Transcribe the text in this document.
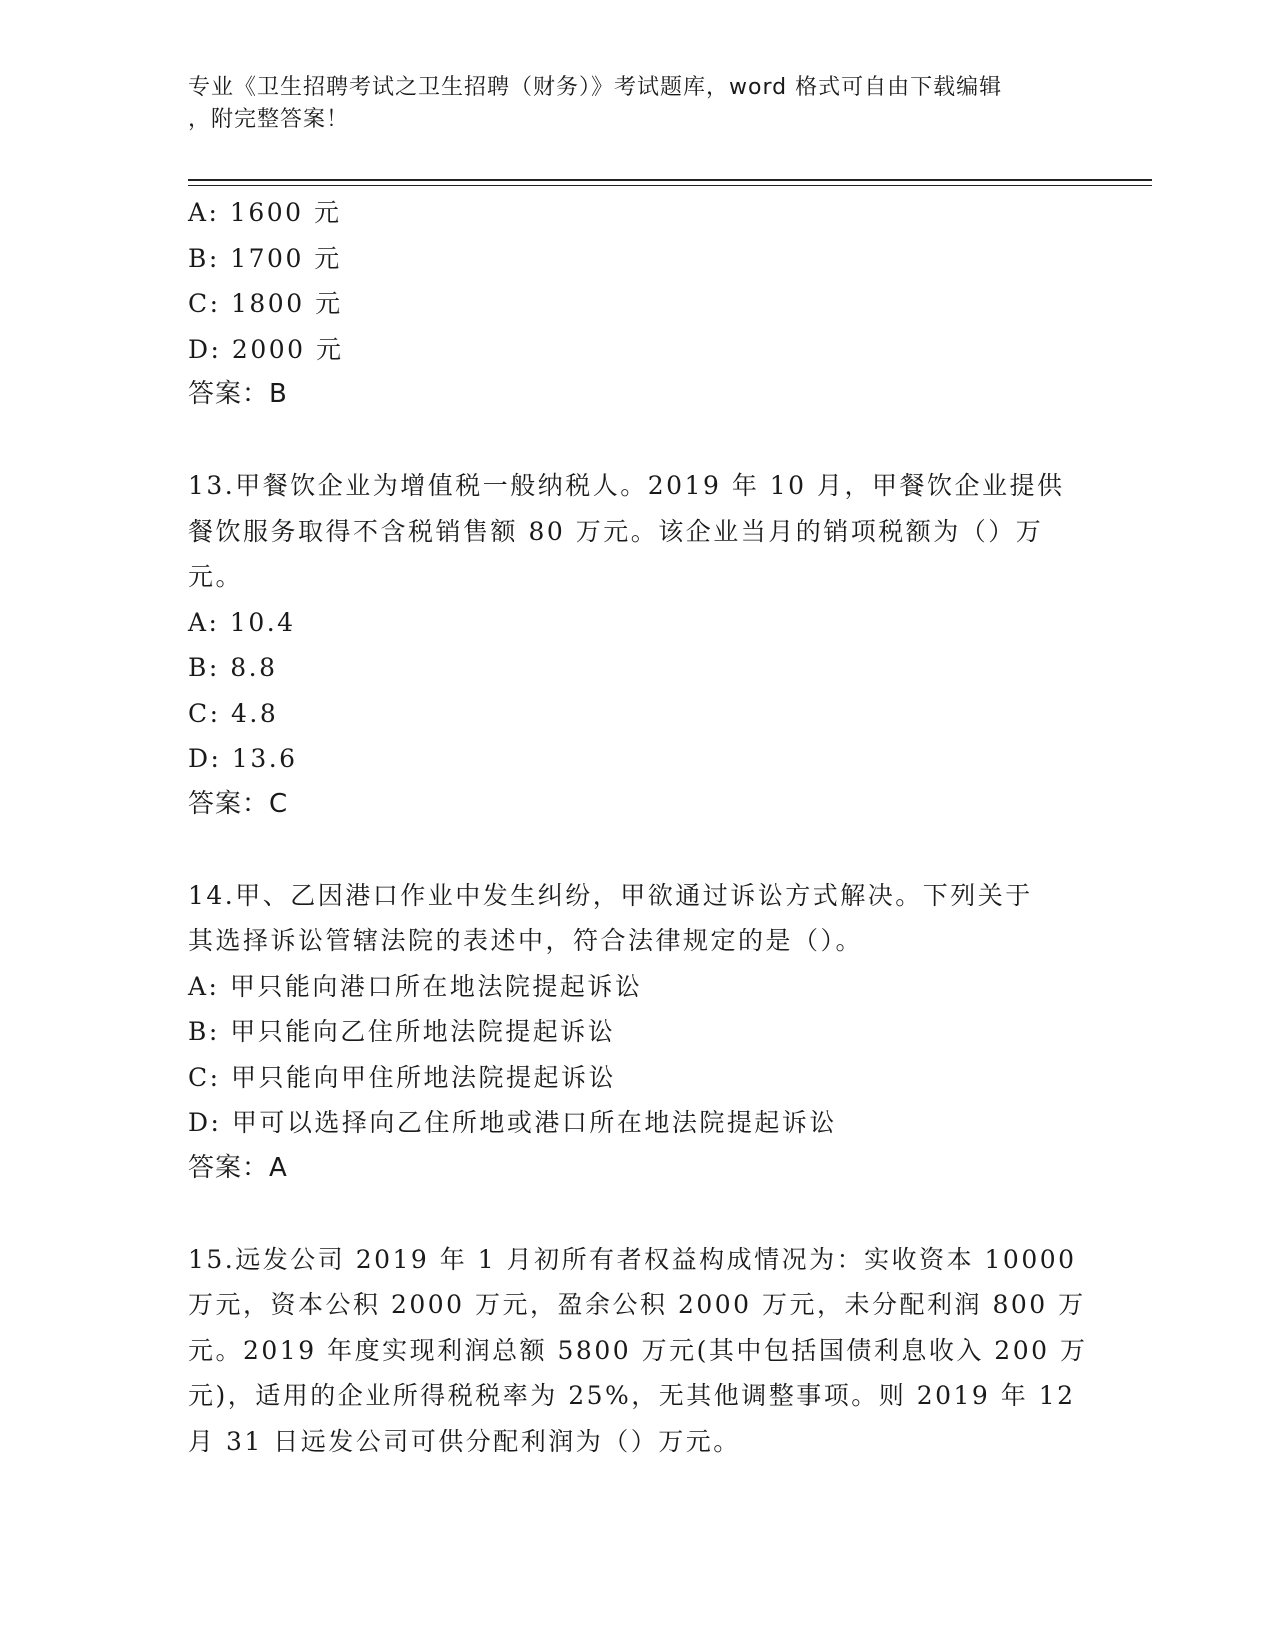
专业《卫生招聘考试之卫生招聘（财务）》考试题库，word 格式可自由下载编辑
，附完整答案！
A: 1600 元
B: 1700 元
C: 1800 元
D: 2000 元
答案：B
13.甲餐饮企业为增值税一般纳税人。2019 年 10 月，甲餐饮企业提供
餐饮服务取得不含税销售额 80 万元。该企业当月的销项税额为（）万
元。
A: 10.4
B: 8.8
C: 4.8
D: 13.6
答案：C
14.甲、乙因港口作业中发生纠纷，甲欲通过诉讼方式解决。下列关于
其选择诉讼管辖法院的表述中，符合法律规定的是（）。
A: 甲只能向港口所在地法院提起诉讼
B: 甲只能向乙住所地法院提起诉讼
C: 甲只能向甲住所地法院提起诉讼
D: 甲可以选择向乙住所地或港口所在地法院提起诉讼
答案：A
15.远发公司 2019 年 1 月初所有者权益构成情况为：实收资本 10000
万元，资本公积 2000 万元，盈余公积 2000 万元，未分配利润 800 万
元。2019 年度实现利润总额 5800 万元(其中包括国债利息收入 200 万
元)，适用的企业所得税税率为 25%，无其他调整事项。则 2019 年 12
月 31 日远发公司可供分配利润为（）万元。
